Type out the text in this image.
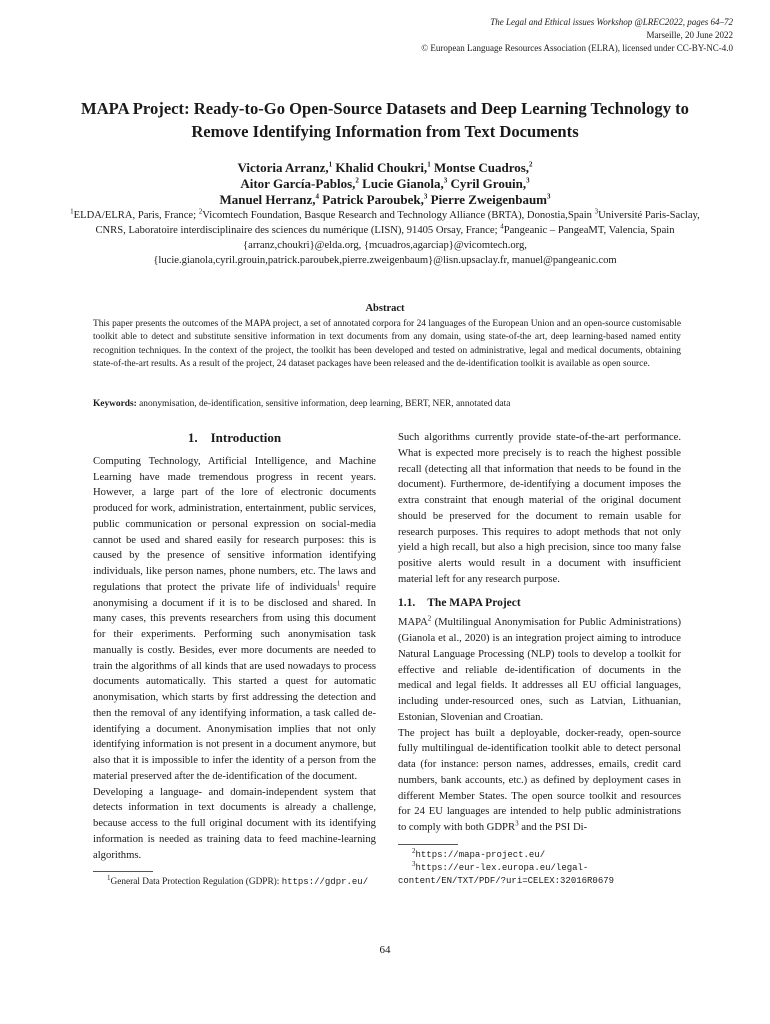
The Legal and Ethical issues Workshop @LREC2022, pages 64–72
Marseille, 20 June 2022
© European Language Resources Association (ELRA), licensed under CC-BY-NC-4.0
MAPA Project: Ready-to-Go Open-Source Datasets and Deep Learning Technology to Remove Identifying Information from Text Documents
Victoria Arranz,$^1$ Khalid Choukri,$^1$ Montse Cuadros,$^2$
Aitor García-Pablos,$^2$ Lucie Gianola,$^3$ Cyril Grouin,$^3$
Manuel Herranz,$^4$ Patrick Paroubek,$^3$ Pierre Zweigenbaum$^3$
$^1$ELDA/ELRA, Paris, France; $^2$Vicomtech Foundation, Basque Research and Technology Alliance (BRTA), Donostia,Spain $^3$Université Paris-Saclay, CNRS, Laboratoire interdisciplinaire des sciences du numérique (LISN), 91405 Orsay, France; $^4$Pangeanic – PangeaMT, Valencia, Spain
{arranz,choukri}@elda.org, {mcuadros,agarciap}@vicomtech.org,
{lucie.gianola,cyril.grouin,patrick.paroubek,pierre.zweigenbaum}@lisn.upsaclay.fr, manuel@pangeanic.com
Abstract
This paper presents the outcomes of the MAPA project, a set of annotated corpora for 24 languages of the European Union and an open-source customisable toolkit able to detect and substitute sensitive information in text documents from any domain, using state-of-the art, deep learning-based named entity recognition techniques. In the context of the project, the toolkit has been developed and tested on administrative, legal and medical documents, obtaining state-of-the-art results. As a result of the project, 24 dataset packages have been released and the de-identification toolkit is available as open source.
Keywords: anonymisation, de-identification, sensitive information, deep learning, BERT, NER, annotated data
1. Introduction

Computing Technology, Artificial Intelligence, and Machine Learning have made tremendous progress in recent years. However, a large part of the lore of electronic documents produced for work, administration, entertainment, public services, public communication or personal expression on social-media cannot be used and shared easily for research purposes: this is caused by the presence of sensitive information identifying individuals, like person names, phone numbers, etc. The laws and regulations that protect the private life of individuals$^1$ require anonymising a document if it is to be disclosed and shared. In many cases, this prevents researchers from using this document for their experiments. Performing such anonymisation task manually is costly. Besides, ever more documents are needed to train the algorithms of all kinds that are used nowadays to process documents automatically. This started a quest for automatic anonymisation, which starts by first addressing the detection and then the removal of any identifying information, a task called de-identifying a document. Anonymisation implies that not only identifying information is not present in a document anymore, but also that it is impossible to infer the identity of a person from the material preserved after the de-identification of the document.

Developing a language- and domain-independent system that detects information in text documents is already a challenge, because access to the full original document with its identifying information is needed as training data to feed machine-learning algorithms.

$^1$General Data Protection Regulation (GDPR): https://gdpr.eu/

Such algorithms currently provide state-of-the-art performance. What is expected more precisely is to reach the highest possible recall (detecting all that information that needs to be found in the document). Furthermore, de-identifying a document imposes the extra constraint that enough material of the original document should be preserved for the document to remain usable for research purposes. This requires to adopt methods that not only yield a high recall, but also a high precision, since too many false positive alerts would result in a document with insufficient material left for any research purpose.

1.1. The MAPA Project

MAPA$^2$ (Multilingual Anonymisation for Public Administrations) (Gianola et al., 2020) is an integration project aiming to introduce Natural Language Processing (NLP) tools to develop a toolkit for effective and reliable de-identification of documents in the medical and legal fields. It addresses all EU official languages, including under-resourced ones, such as Latvian, Lithuanian, Estonian, Slovenian and Croatian.

The project has built a deployable, docker-ready, open-source fully multilingual de-identification toolkit able to detect personal data (for instance: person names, addresses, emails, credit card numbers, bank accounts, etc.) as defined by deployment cases in different Member States. The open source toolkit and resources for 24 EU languages are intended to help public administrations to comply with both GDPR$^3$ and the PSI Di-

$^2$https://mapa-project.eu/
$^3$https://eur-lex.europa.eu/legal-content/EN/TXT/PDF/?uri=CELEX:32016R0679
64
